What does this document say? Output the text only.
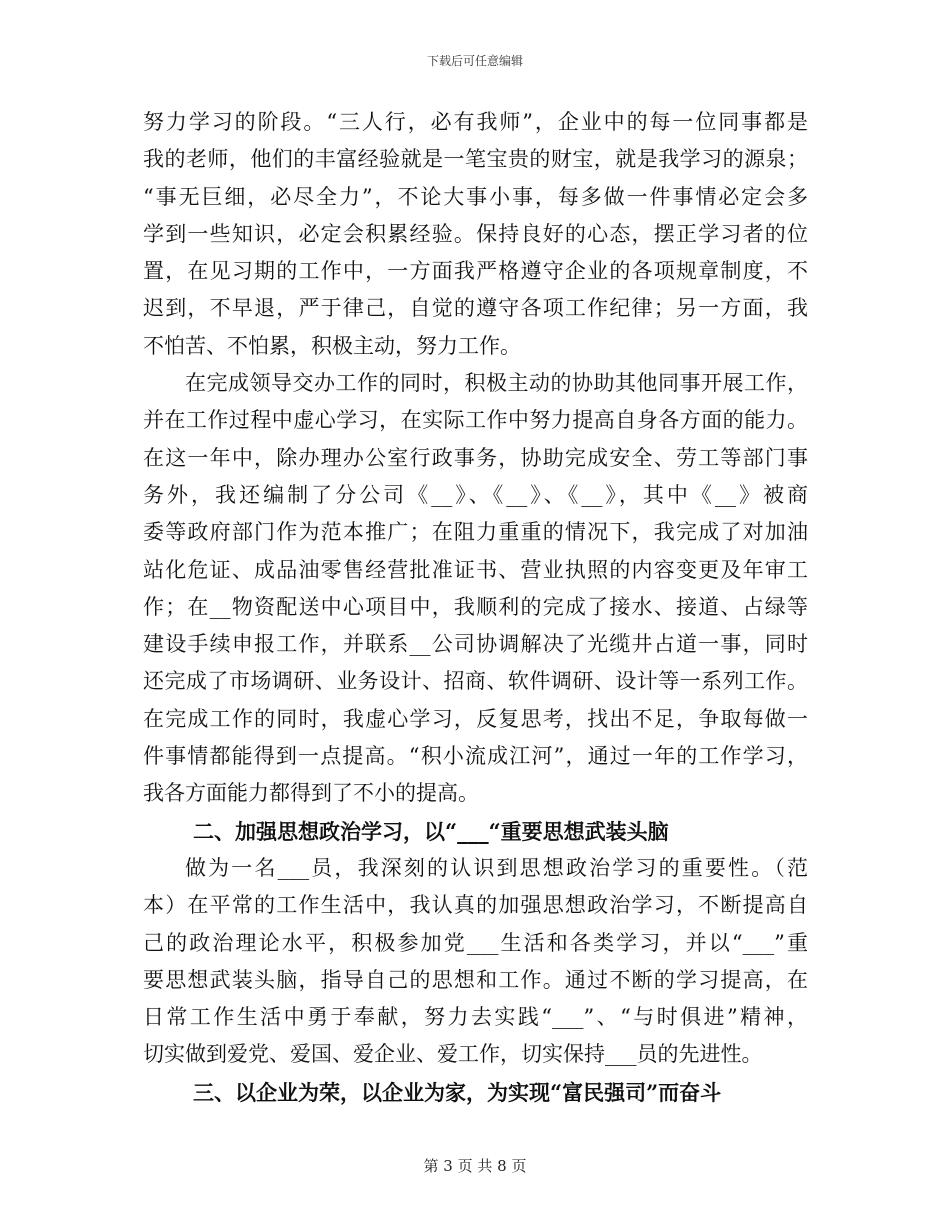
下载后可任意编辑
努力学习的阶段。“三人行，必有我师”，企业中的每一位同事都是
我的老师，他们的丰富经验就是一笔宝贵的财宝，就是我学习的源泉；
“事无巨细，必尽全力”，不论大事小事，每多做一件事情必定会多
学到一些知识，必定会积累经验。保持良好的心态，摆正学习者的位
置，在见习期的工作中，一方面我严格遵守企业的各项规章制度，不
迟到，不早退，严于律己，自觉的遵守各项工作纪律；另一方面，我
不怕苦、不怕累，积极主动，努力工作。
在完成领导交办工作的同时，积极主动的协助其他同事开展工作，
并在工作过程中虚心学习，在实际工作中努力提高自身各方面的能力。
在这一年中，除办理办公室行政事务，协助完成安全、劳工等部门事
务外，我还编制了分公司《__》、《__》、《__》，其中《__》被商
委等政府部门作为范本推广；在阻力重重的情况下，我完成了对加油
站化危证、成品油零售经营批准证书、营业执照的内容变更及年审工
作；在__物资配送中心项目中，我顺利的完成了接水、接道、占绿等
建设手续申报工作，并联系__公司协调解决了光缆井占道一事，同时
还完成了市场调研、业务设计、招商、软件调研、设计等一系列工作。
在完成工作的同时，我虚心学习，反复思考，找出不足，争取每做一
件事情都能得到一点提高。“积小流成江河”，通过一年的工作学习，
我各方面能力都得到了不小的提高。
二、加强思想政治学习，以“___“重要思想武装头脑
做为一名___员，我深刻的认识到思想政治学习的重要性。（范
本）在平常的工作生活中，我认真的加强思想政治学习，不断提高自
己的政治理论水平，积极参加党___生活和各类学习，并以“___”重
要思想武装头脑，指导自己的思想和工作。通过不断的学习提高，在
日常工作生活中勇于奉献，努力去实践“___”、“与时俱进”精神，
切实做到爱党、爱国、爱企业、爱工作，切实保持___员的先进性。
三、以企业为荣，以企业为家，为实现“富民强司”而奋斗
第 3 页 共 8 页
